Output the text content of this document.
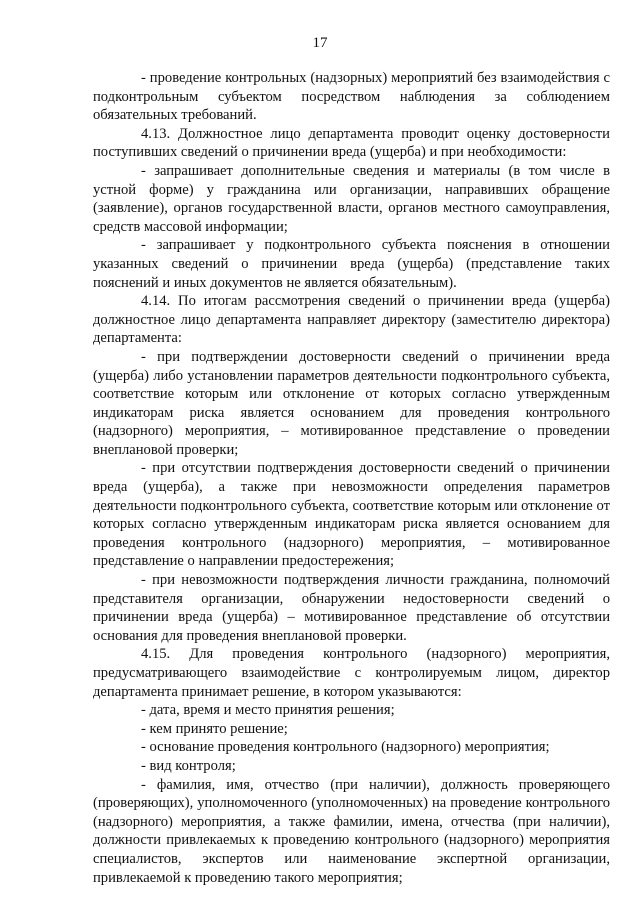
17

- проведение контрольных (надзорных) мероприятий без взаимодействия с подконтрольным субъектом посредством наблюдения за соблюдением обязательных требований.

4.13. Должностное лицо департамента проводит оценку достоверности поступивших сведений о причинении вреда (ущерба) и при необходимости:

- запрашивает дополнительные сведения и материалы (в том числе в устной форме) у гражданина или организации, направивших обращение (заявление), органов государственной власти, органов местного самоуправления, средств массовой информации;

- запрашивает у подконтрольного субъекта пояснения в отношении указанных сведений о причинении вреда (ущерба) (представление таких пояснений и иных документов не является обязательным).

4.14. По итогам рассмотрения сведений о причинении вреда (ущерба) должностное лицо департамента направляет директору (заместителю директора) департамента:

- при подтверждении достоверности сведений о причинении вреда (ущерба) либо установлении параметров деятельности подконтрольного субъекта, соответствие которым или отклонение от которых согласно утвержденным индикаторам риска является основанием для проведения контрольного (надзорного) мероприятия, – мотивированное представление о проведении внеплановой проверки;

- при отсутствии подтверждения достоверности сведений о причинении вреда (ущерба), а также при невозможности определения параметров деятельности подконтрольного субъекта, соответствие которым или отклонение от которых согласно утвержденным индикаторам риска является основанием для проведения контрольного (надзорного) мероприятия, – мотивированное представление о направлении предостережения;

- при невозможности подтверждения личности гражданина, полномочий представителя организации, обнаружении недостоверности сведений о причинении вреда (ущерба) – мотивированное представление об отсутствии основания для проведения внеплановой проверки.

4.15. Для проведения контрольного (надзорного) мероприятия, предусматривающего взаимодействие с контролируемым лицом, директор департамента принимает решение, в котором указываются:

- дата, время и место принятия решения;

- кем принято решение;

- основание проведения контрольного (надзорного) мероприятия;

- вид контроля;

- фамилия, имя, отчество (при наличии), должность проверяющего (проверяющих), уполномоченного (уполномоченных) на проведение контрольного (надзорного) мероприятия, а также фамилии, имена, отчества (при наличии), должности привлекаемых к проведению контрольного (надзорного) мероприятия специалистов, экспертов или наименование экспертной организации, привлекаемой к проведению такого мероприятия;
